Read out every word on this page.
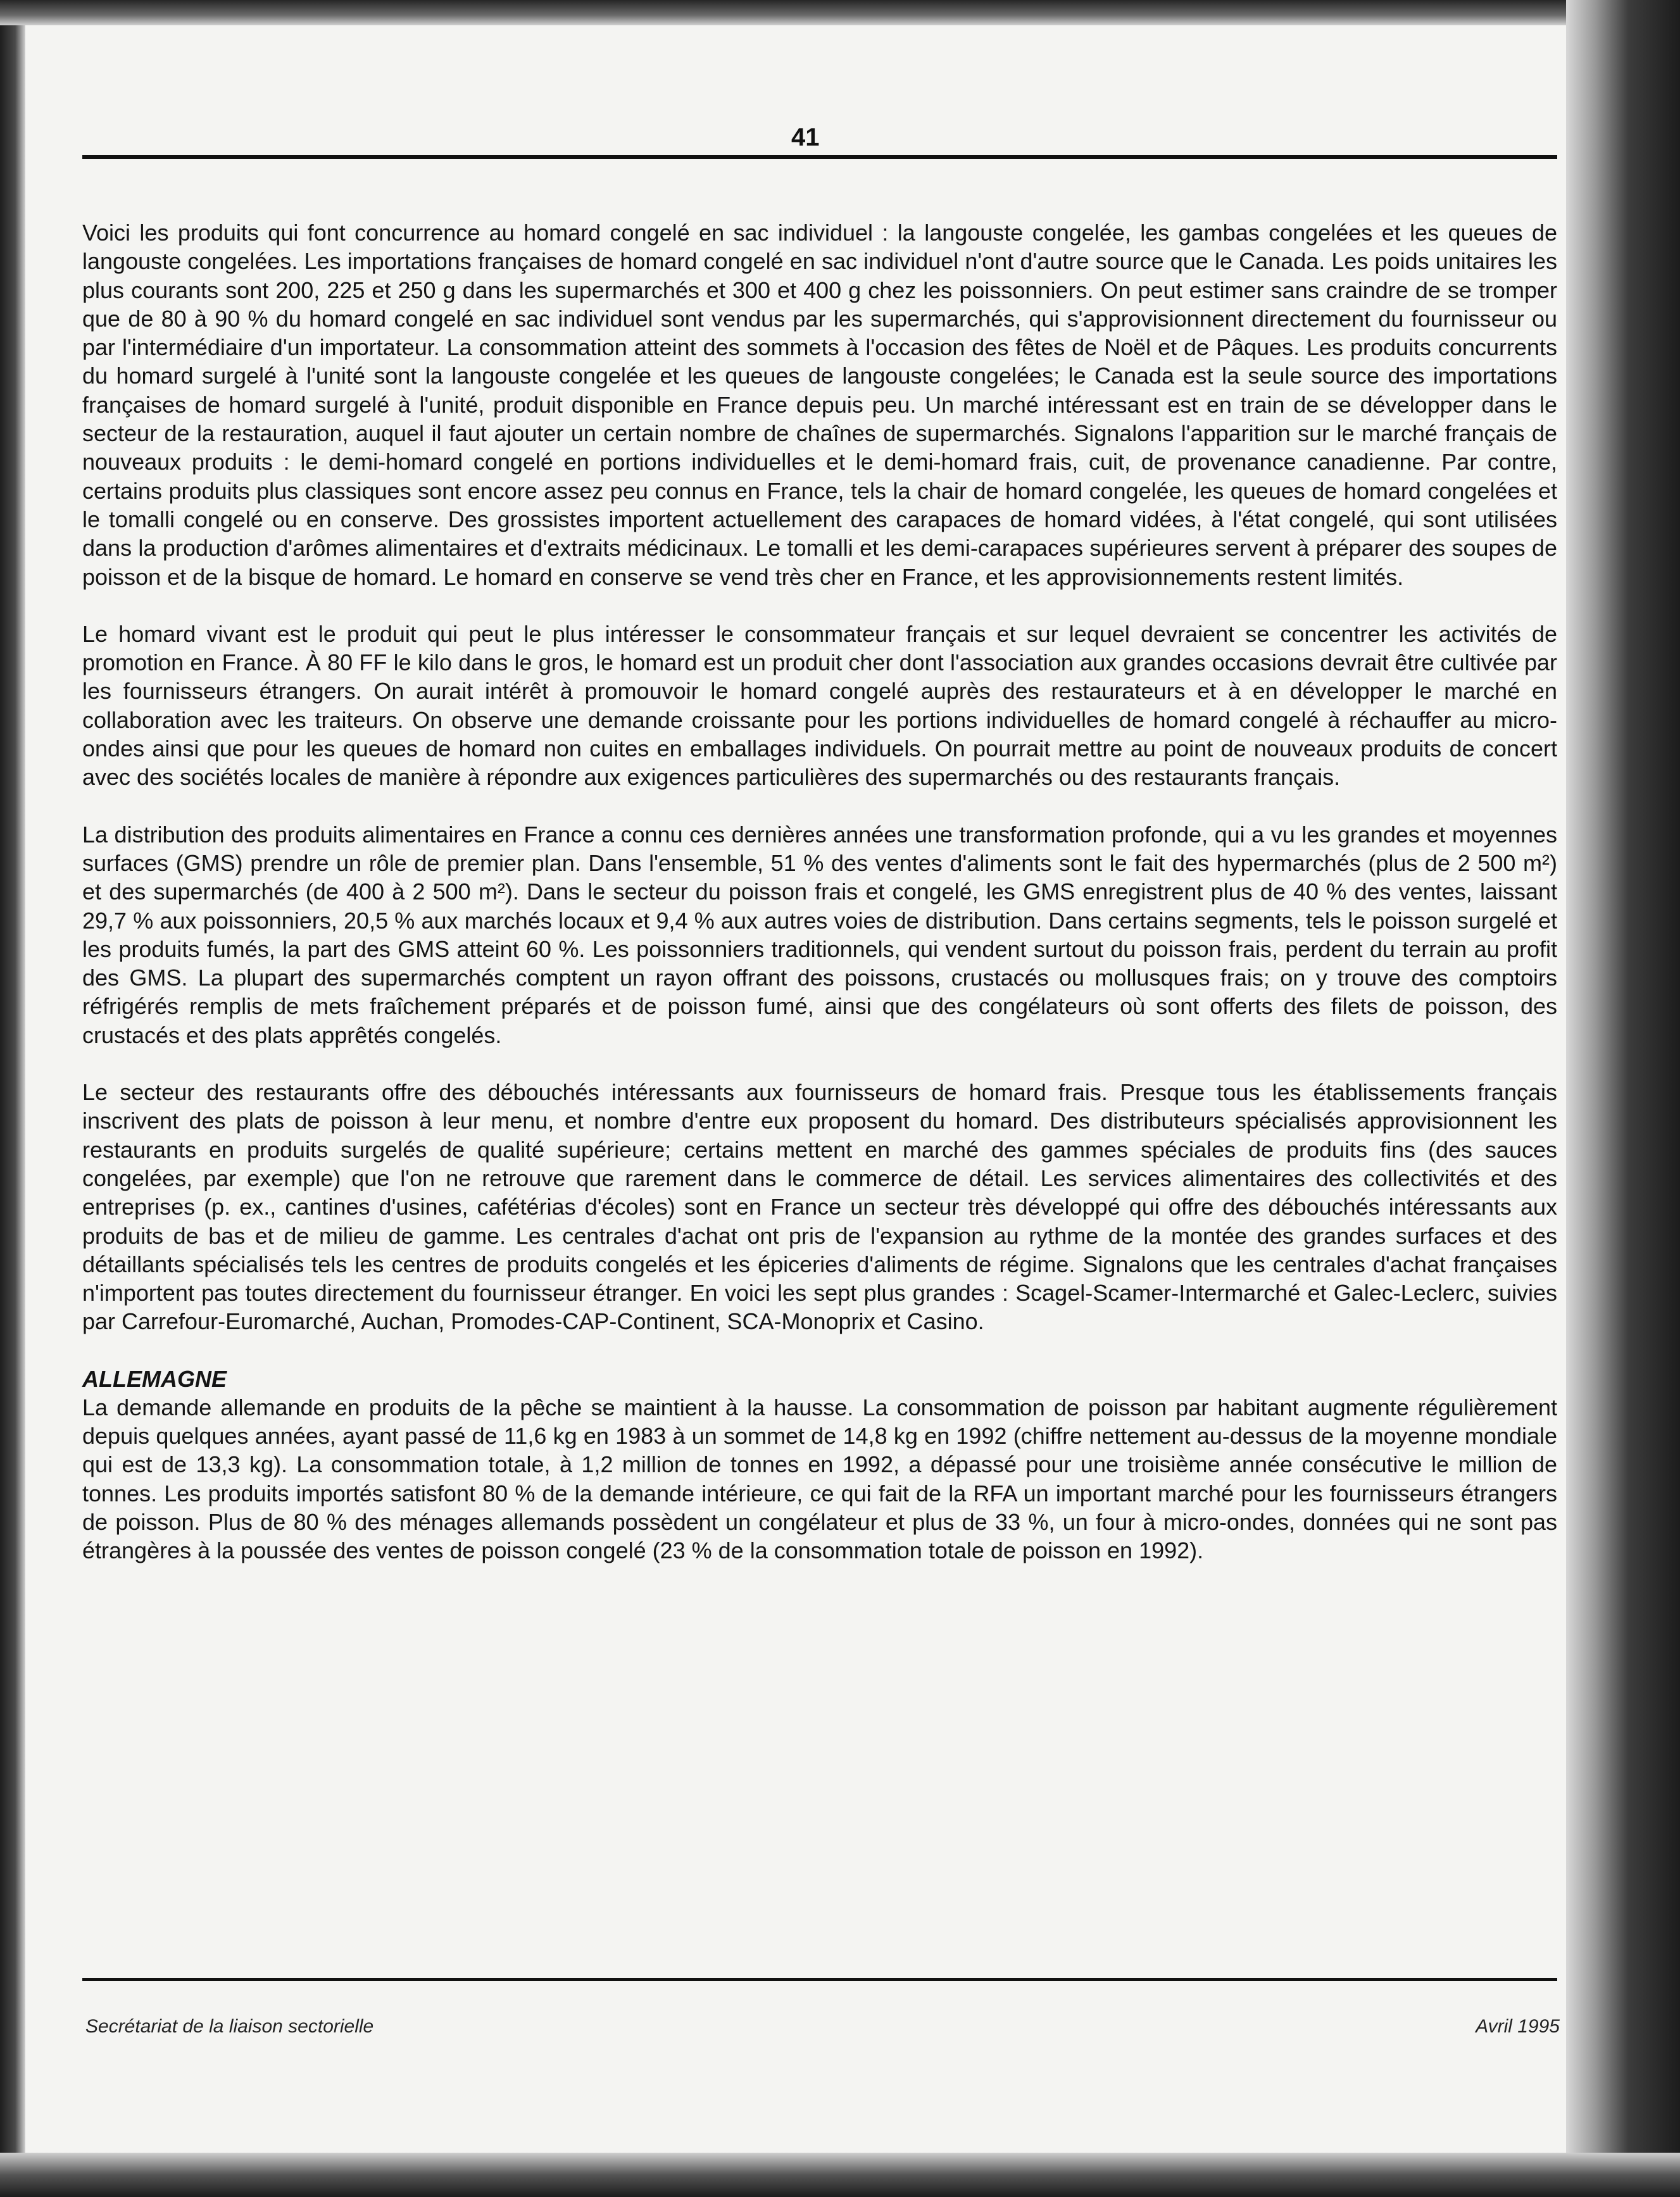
41

Voici les produits qui font concurrence au homard congelé en sac individuel : la langouste congelée, les gambas congelées et les queues de langouste congelées. Les importations françaises de homard congelé en sac individuel n'ont d'autre source que le Canada. Les poids unitaires les plus courants sont 200, 225 et 250 g dans les supermarchés et 300 et 400 g chez les poissonniers. On peut estimer sans craindre de se tromper que de 80 à 90 % du homard congelé en sac individuel sont vendus par les supermarchés, qui s'approvisionnent directement du fournisseur ou par l'intermédiaire d'un importateur. La consommation atteint des sommets à l'occasion des fêtes de Noël et de Pâques. Les produits concurrents du homard surgelé à l'unité sont la langouste congelée et les queues de langouste congelées; le Canada est la seule source des importations françaises de homard surgelé à l'unité, produit disponible en France depuis peu. Un marché intéressant est en train de se développer dans le secteur de la restauration, auquel il faut ajouter un certain nombre de chaînes de supermarchés. Signalons l'apparition sur le marché français de nouveaux produits : le demi-homard congelé en portions individuelles et le demi-homard frais, cuit, de provenance canadienne. Par contre, certains produits plus classiques sont encore assez peu connus en France, tels la chair de homard congelée, les queues de homard congelées et le tomalli congelé ou en conserve. Des grossistes importent actuellement des carapaces de homard vidées, à l'état congelé, qui sont utilisées dans la production d'arômes alimentaires et d'extraits médicinaux. Le tomalli et les demi-carapaces supérieures servent à préparer des soupes de poisson et de la bisque de homard. Le homard en conserve se vend très cher en France, et les approvisionnements restent limités.

Le homard vivant est le produit qui peut le plus intéresser le consommateur français et sur lequel devraient se concentrer les activités de promotion en France. À 80 FF le kilo dans le gros, le homard est un produit cher dont l'association aux grandes occasions devrait être cultivée par les fournisseurs étrangers. On aurait intérêt à promouvoir le homard congelé auprès des restaurateurs et à en développer le marché en collaboration avec les traiteurs. On observe une demande croissante pour les portions individuelles de homard congelé à réchauffer au micro-ondes ainsi que pour les queues de homard non cuites en emballages individuels. On pourrait mettre au point de nouveaux produits de concert avec des sociétés locales de manière à répondre aux exigences particulières des supermarchés ou des restaurants français.

La distribution des produits alimentaires en France a connu ces dernières années une transformation profonde, qui a vu les grandes et moyennes surfaces (GMS) prendre un rôle de premier plan. Dans l'ensemble, 51 % des ventes d'aliments sont le fait des hypermarchés (plus de 2 500 m²) et des supermarchés (de 400 à 2 500 m²). Dans le secteur du poisson frais et congelé, les GMS enregistrent plus de 40 % des ventes, laissant 29,7 % aux poissonniers, 20,5 % aux marchés locaux et 9,4 % aux autres voies de distribution. Dans certains segments, tels le poisson surgelé et les produits fumés, la part des GMS atteint 60 %. Les poissonniers traditionnels, qui vendent surtout du poisson frais, perdent du terrain au profit des GMS. La plupart des supermarchés comptent un rayon offrant des poissons, crustacés ou mollusques frais; on y trouve des comptoirs réfrigérés remplis de mets fraîchement préparés et de poisson fumé, ainsi que des congélateurs où sont offerts des filets de poisson, des crustacés et des plats apprêtés congelés.

Le secteur des restaurants offre des débouchés intéressants aux fournisseurs de homard frais. Presque tous les établissements français inscrivent des plats de poisson à leur menu, et nombre d'entre eux proposent du homard. Des distributeurs spécialisés approvisionnent les restaurants en produits surgelés de qualité supérieure; certains mettent en marché des gammes spéciales de produits fins (des sauces congelées, par exemple) que l'on ne retrouve que rarement dans le commerce de détail. Les services alimentaires des collectivités et des entreprises (p. ex., cantines d'usines, cafétérias d'écoles) sont en France un secteur très développé qui offre des débouchés intéressants aux produits de bas et de milieu de gamme. Les centrales d'achat ont pris de l'expansion au rythme de la montée des grandes surfaces et des détaillants spécialisés tels les centres de produits congelés et les épiceries d'aliments de régime. Signalons que les centrales d'achat françaises n'importent pas toutes directement du fournisseur étranger. En voici les sept plus grandes : Scagel-Scamer-Intermarché et Galec-Leclerc, suivies par Carrefour-Euromarché, Auchan, Promodes-CAP-Continent, SCA-Monoprix et Casino.

ALLEMAGNE

La demande allemande en produits de la pêche se maintient à la hausse. La consommation de poisson par habitant augmente régulièrement depuis quelques années, ayant passé de 11,6 kg en 1983 à un sommet de 14,8 kg en 1992 (chiffre nettement au-dessus de la moyenne mondiale qui est de 13,3 kg). La consommation totale, à 1,2 million de tonnes en 1992, a dépassé pour une troisième année consécutive le million de tonnes. Les produits importés satisfont 80 % de la demande intérieure, ce qui fait de la RFA un important marché pour les fournisseurs étrangers de poisson. Plus de 80 % des ménages allemands possèdent un congélateur et plus de 33 %, un four à micro-ondes, données qui ne sont pas étrangères à la poussée des ventes de poisson congelé (23 % de la consommation totale de poisson en 1992).

Secrétariat de la liaison sectorielle	Avril 1995
